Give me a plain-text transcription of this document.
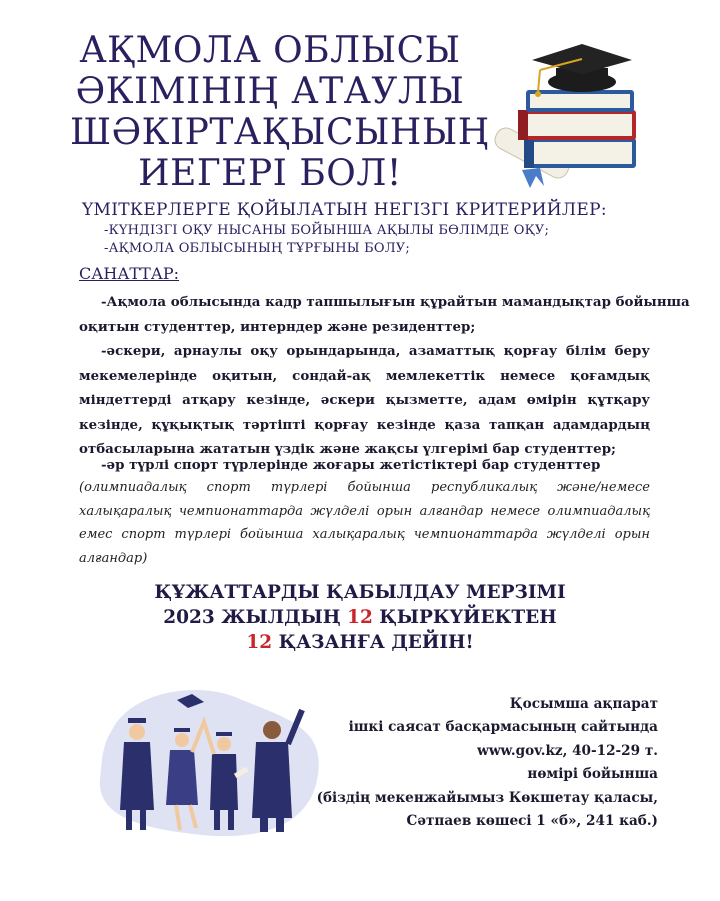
АҚМОЛА ОБЛЫСЫ
ӘКІМІНІҢ АТАУЛЫ
ШӘКІРТАҚЫСЫНЫҢ
ИЕГЕРІ БОЛ!
ҮМІТКЕРЛЕРГЕ ҚОЙЫЛАТЫН НЕГІЗГІ КРИТЕРИЙЛЕР:
-КҮНДІЗГІ ОҚУ НЫСАНЫ БОЙЫНША АҚЫЛЫ БӨЛІМДЕ ОҚУ;
-АҚМОЛА ОБЛЫСЫНЫҢ ТҰРҒЫНЫ БОЛУ;
САНАТТАР:
-Ақмола облысында кадр тапшылығын құрайтын мамандықтар бойынша
оқитын студенттер, интерндер және резиденттер;
-әскери, арнаулы оқу орындарында, азаматтық қорғау білім беру
мекемелерінде оқитын, сондай-ақ мемлекеттік немесе қоғамдық
міндеттерді атқару кезінде, әскери қызметте, адам өмірін құтқару
кезінде, құқықтық тәртіпті қорғау кезінде қаза тапқан адамдардың
отбасыларына жататын үздік және жақсы үлгерімі бар студенттер;
-әр түрлі спорт түрлерінде жоғары жетістіктері бар студенттер
(олимпиадалық спорт түрлері бойынша республикалық және/немесе
халықаралық чемпионаттарда жүлделі орын алғандар немесе олимпиадалық
емес спорт түрлері бойынша халықаралық чемпионаттарда жүлделі орын
алғандар)
ҚҰЖАТТАРДЫ ҚАБЫЛДАУ МЕРЗІМІ
2023 ЖЫЛДЫҢ 12 ҚЫРКҮЙЕКТЕН
12 ҚАЗАНҒА ДЕЙІН!
Қосымша ақпарат
ішкі саясат басқармасының сайтында
www.gov.kz, 40-12-29 т.
нөмірі бойынша
(біздің мекенжайымыз Көкшетау қаласы,
Сәтпаев көшесі 1 «б», 241 каб.)
